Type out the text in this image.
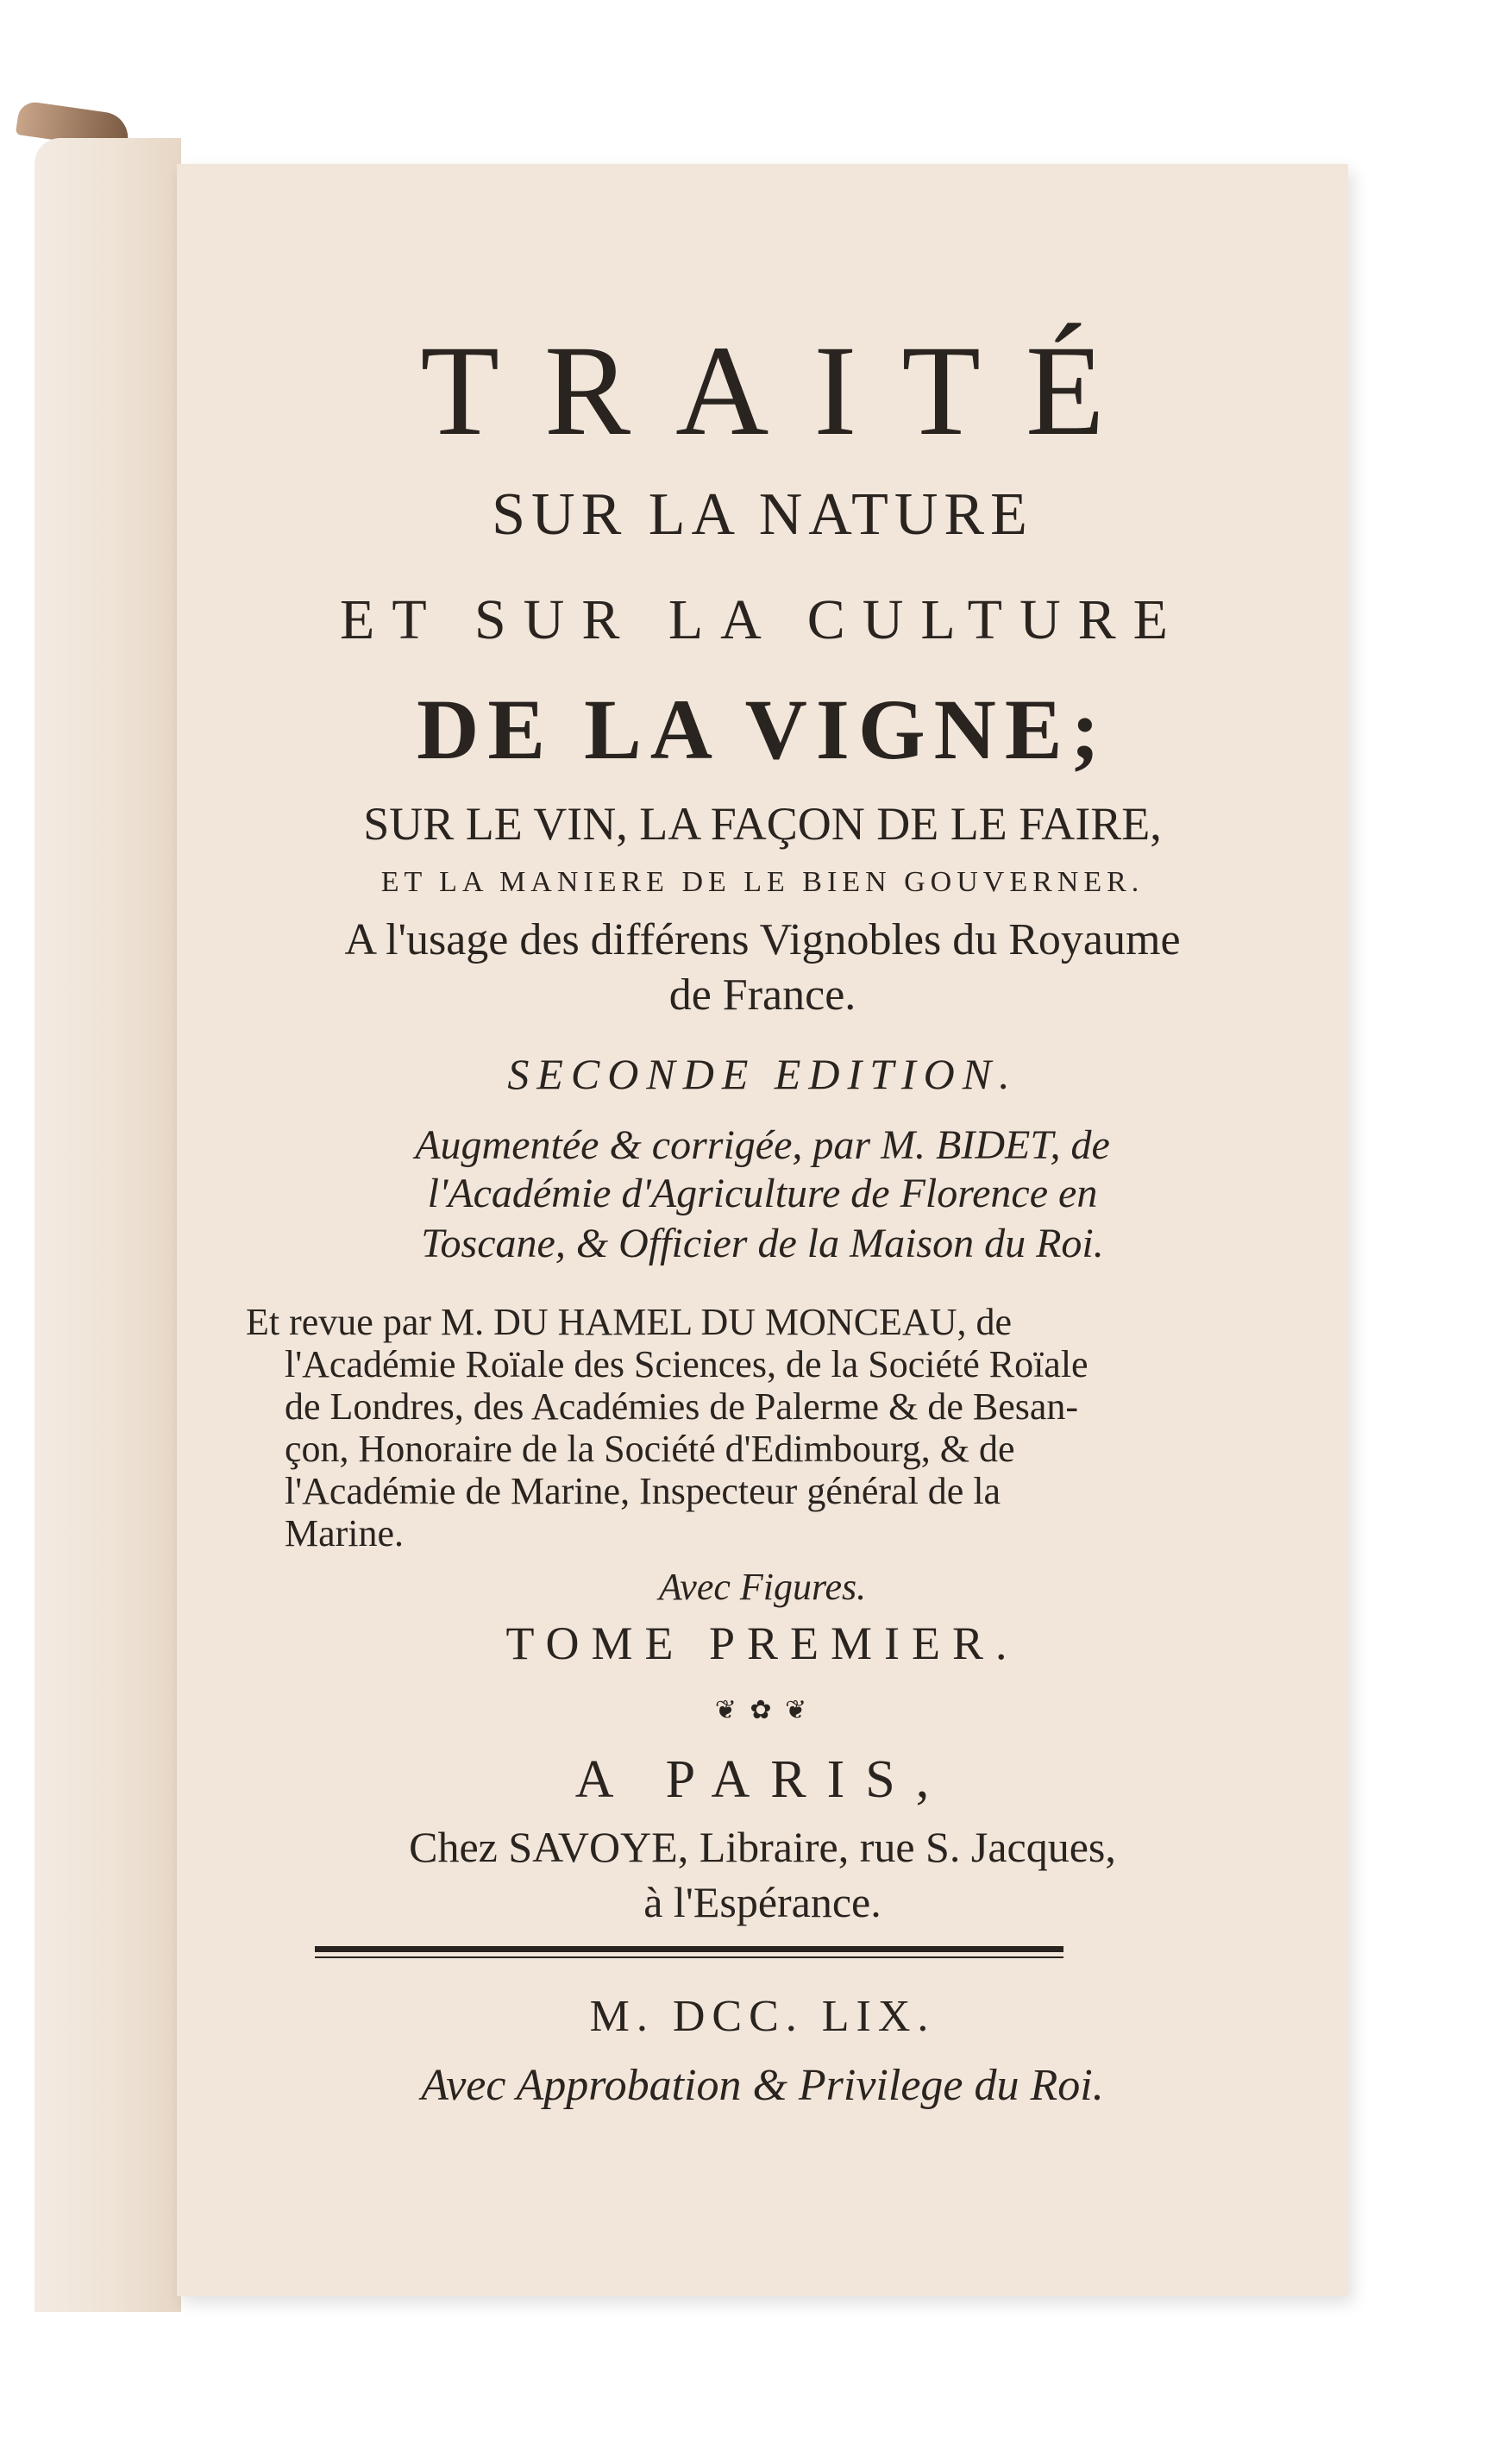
TRAITÉ
SUR LA NATURE
ET SUR LA CULTURE
DE LA VIGNE;
SUR LE VIN, LA FAÇON DE LE FAIRE,
ET LA MANIERE DE LE BIEN GOUVERNER.
A l'usage des différens Vignobles du Royaume
de France.
SECONDE EDITION.
Augmentée & corrigée, par M. BIDET, de
l'Académie d'Agriculture de Florence en
Toscane, & Officier de la Maison du Roi.
Et revue par M. DU HAMEL DU MONCEAU, de
l'Académie Roïale des Sciences, de la Société Roïale
de Londres, des Académies de Palerme & de Besan-
çon, Honoraire de la Société d'Edimbourg, & de
l'Académie de Marine, Inspecteur général de la
Marine.
Avec Figures.
TOME PREMIER.
❦ ✿ ❦
A PARIS,
Chez SAVOYE, Libraire, rue S. Jacques,
à l'Espérance.
M. DCC. LIX.
Avec Approbation & Privilege du Roi.
